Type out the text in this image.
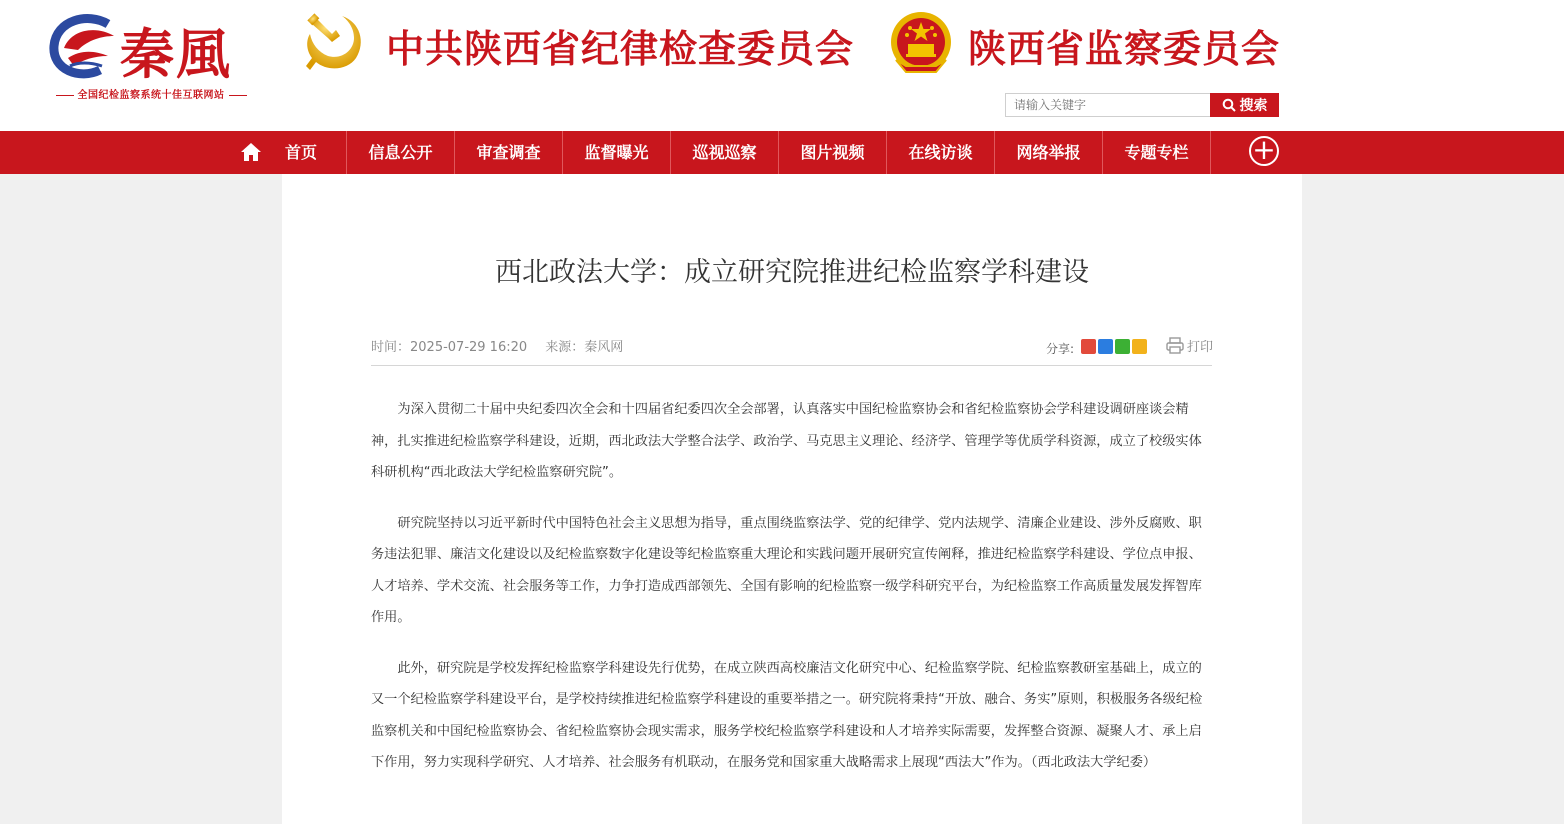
秦風
全国纪检监察系统十佳互联网站
中共陕西省纪律检查委员会	陕西省监察委员会
请输入关键字
搜索
首页	信息公开	审查调查	监督曝光	巡视巡察	图片视频	在线访谈	网络举报	专题专栏	+
西北政法大学：成立研究院推进纪检监察学科建设
时间：2025-07-29 16:20 来源：秦风网	分享:	打印

为深入贯彻二十届中央纪委四次全会和十四届省纪委四次全会部署，认真落实中国纪检监察协会和省纪检监察协会学科建设调研座谈会精神，扎实推进纪检监察学科建设，近期，西北政法大学整合法学、政治学、马克思主义理论、经济学、管理学等优质学科资源，成立了校级实体科研机构“西北政法大学纪检监察研究院”。

研究院坚持以习近平新时代中国特色社会主义思想为指导，重点围绕监察法学、党的纪律学、党内法规学、清廉企业建设、涉外反腐败、职务违法犯罪、廉洁文化建设以及纪检监察数字化建设等纪检监察重大理论和实践问题开展研究宣传阐释，推进纪检监察学科建设、学位点申报、人才培养、学术交流、社会服务等工作，力争打造成西部领先、全国有影响的纪检监察一级学科研究平台，为纪检监察工作高质量发展发挥智库作用。

此外，研究院是学校发挥纪检监察学科建设先行优势，在成立陕西高校廉洁文化研究中心、纪检监察学院、纪检监察教研室基础上，成立的又一个纪检监察学科建设平台，是学校持续推进纪检监察学科建设的重要举措之一。研究院将秉持“开放、融合、务实”原则，积极服务各级纪检监察机关和中国纪检监察协会、省纪检监察协会现实需求，服务学校纪检监察学科建设和人才培养实际需要，发挥整合资源、凝聚人才、承上启下作用，努力实现科学研究、人才培养、社会服务有机联动，在服务党和国家重大战略需求上展现“西法大”作为。（西北政法大学纪委）
